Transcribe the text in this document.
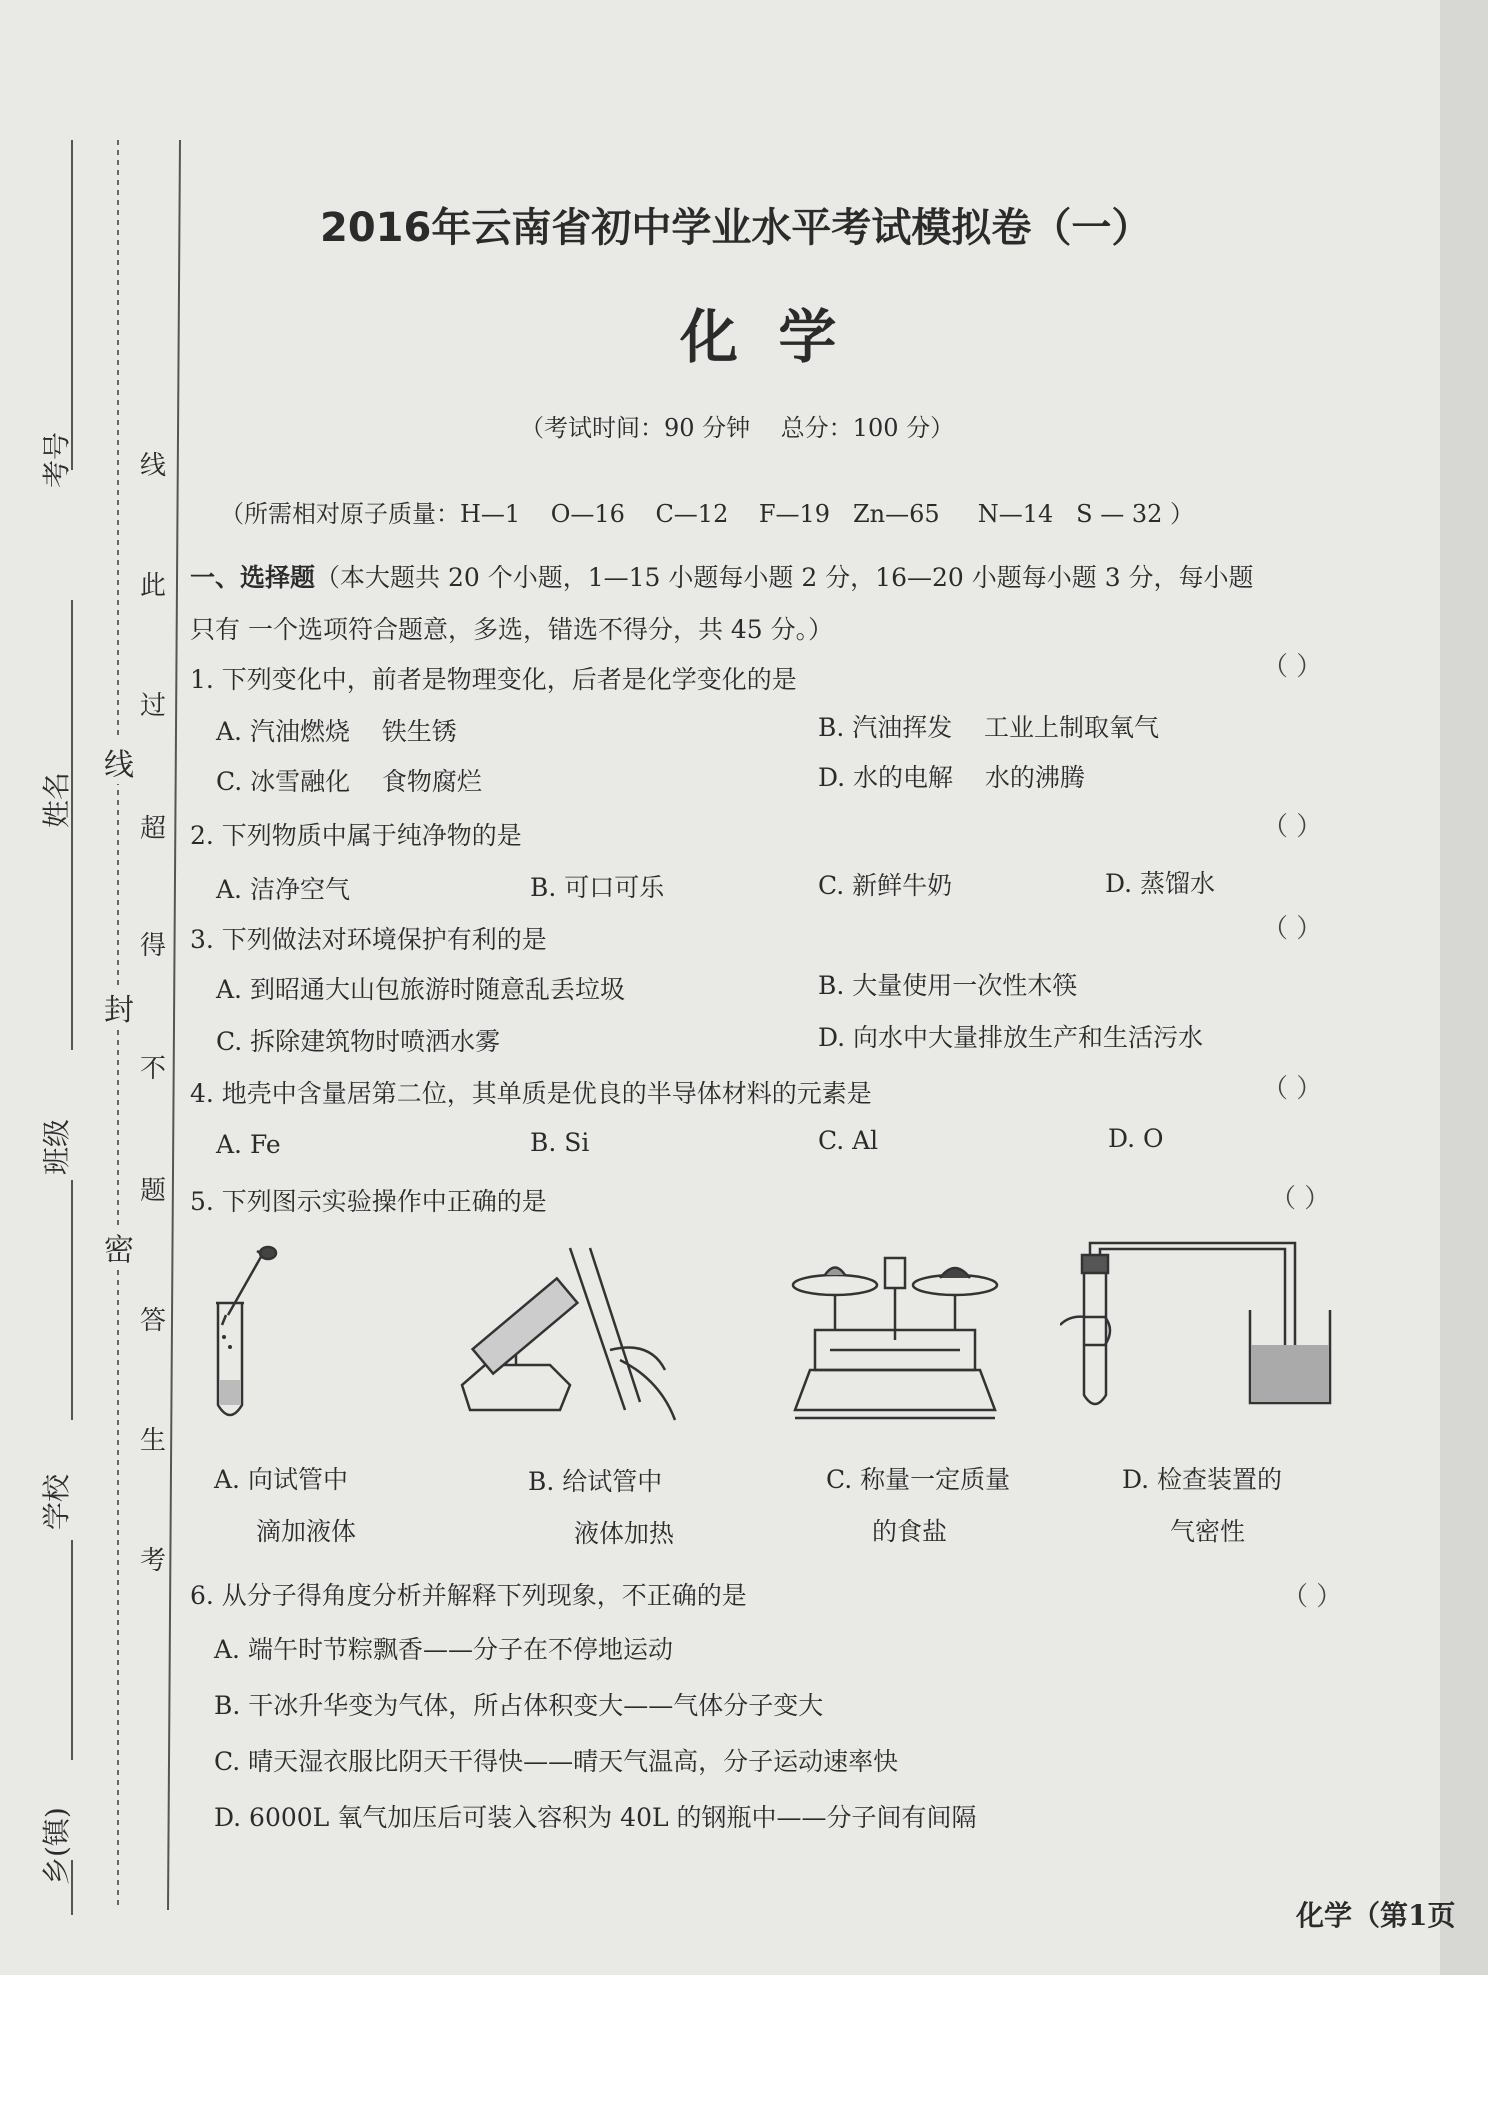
考号
姓名
班级
学校
乡(镇)
密
封
线
考
生
答
题
不
得
超
过
此
线
2016年云南省初中学业水平考试模拟卷（一）
化  学
（考试时间：90 分钟    总分：100 分）
（所需相对原子质量：H—1    O—16    C—12    F—19   Zn—65     N—14   S — 32 ）
一、选择题（本大题共 20 个小题，1—15 小题每小题 2 分，16—20 小题每小题 3 分，每小题
只有 一个选项符合题意，多选，错选不得分，共 45 分。）
1. 下列变化中，前者是物理变化，后者是化学变化的是	（ ）
A. 汽油燃烧    铁生锈	B. 汽油挥发    工业上制取氧气
C. 冰雪融化    食物腐烂	D. 水的电解    水的沸腾
2. 下列物质中属于纯净物的是	（ ）
A. 洁净空气	B. 可口可乐	C. 新鲜牛奶	D. 蒸馏水
3. 下列做法对环境保护有利的是	（ ）
A. 到昭通大山包旅游时随意乱丢垃圾	B. 大量使用一次性木筷
C. 拆除建筑物时喷洒水雾	D. 向水中大量排放生产和生活污水
4. 地壳中含量居第二位，其单质是优良的半导体材料的元素是	（ ）
A. Fe	B. Si	C. Al	D. O
5. 下列图示实验操作中正确的是	（ ）
A. 向试管中
滴加液体
B. 给试管中
液体加热
C. 称量一定质量
的食盐
D. 检查装置的
气密性
6. 从分子得角度分析并解释下列现象，不正确的是	（ ）
A. 端午时节粽飘香——分子在不停地运动
B. 干冰升华变为气体，所占体积变大——气体分子变大
C. 晴天湿衣服比阴天干得快——晴天气温高，分子运动速率快
D. 6000L 氧气加压后可装入容积为 40L 的钢瓶中——分子间有间隔
化学（第1页
